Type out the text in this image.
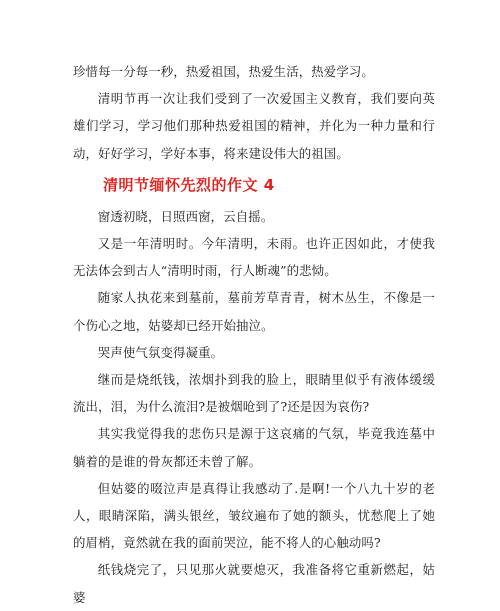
珍惜每一分每一秒，热爱祖国，热爱生活，热爱学习。

清明节再一次让我们受到了一次爱国主义教育，我们要向英雄们学习，学习他们那种热爱祖国的精神，并化为一种力量和行动，好好学习，学好本事，将来建设伟大的祖国。

清明节缅怀先烈的作文 4

窗透初晓，日照西窗，云自摇。

又是一年清明时。今年清明，未雨。也许正因如此，才使我无法体会到古人“清明时雨，行人断魂”的悲恸。

随家人执花来到墓前，墓前芳草青青，树木丛生，不像是一个伤心之地，姑婆却已经开始抽泣。

哭声使气氛变得凝重。

继而是烧纸钱，浓烟扑到我的脸上，眼睛里似乎有液体缓缓流出，泪，为什么流泪?是被烟呛到了?还是因为哀伤?

其实我觉得我的悲伤只是源于这哀痛的气氛，毕竟我连墓中躺着的是谁的骨灰都还未曾了解。

但姑婆的啜泣声是真得让我感动了.是啊!一个八九十岁的老人，眼睛深陷，满头银丝，皱纹遍布了她的额头，忧愁爬上了她的眉梢，竟然就在我的面前哭泣，能不将人的心触动吗?

纸钱烧完了，只见那火就要熄灭，我准备将它重新燃起，姑婆
